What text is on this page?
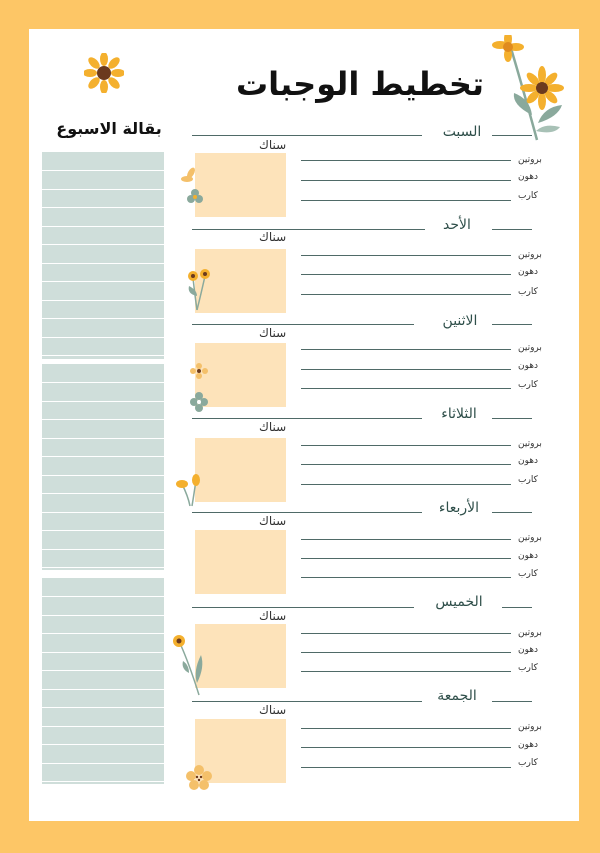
تخطيط الوجبات
بقالة الاسبوع	السبت
سناك
بروتين
دهون
كارب
الأحد
سناك
بروتين
دهون
كارب
الاثنين
سناك
بروتين
دهون
كارب
الثلاثاء
سناك
بروتين
دهون
كارب
الأربعاء
سناك
بروتين
دهون
كارب
الخميس
سناك
بروتين
دهون
كارب
الجمعة
سناك
بروتين
دهون
كارب
